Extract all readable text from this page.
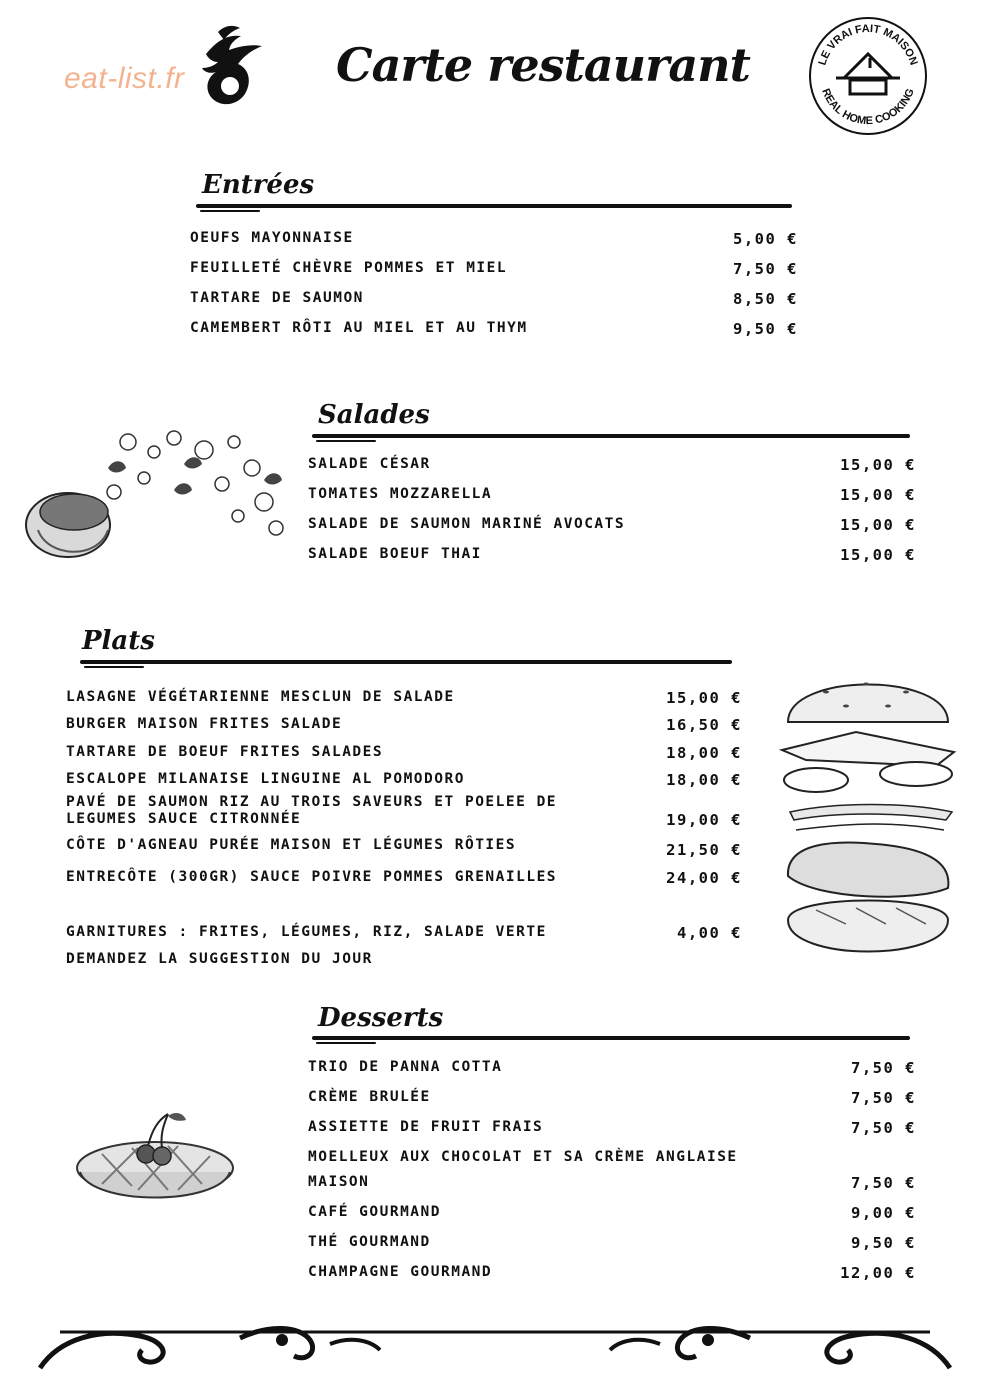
eat-list.fr	Carte restaurant	LE VRAI FAIT MAISON
REAL HOME COOKING
Entrées
OEUFS MAYONNAISE	5,00 €
FEUILLETÉ CHÈVRE POMMES ET MIEL	7,50 €
TARTARE DE SAUMON	8,50 €
CAMEMBERT RÔTI AU MIEL ET AU THYM	9,50 €
Salades
SALADE CÉSAR	15,00 €
TOMATES MOZZARELLA	15,00 €
SALADE DE SAUMON MARINÉ AVOCATS	15,00 €
SALADE BOEUF THAI	15,00 €
Plats
LASAGNE VÉGÉTARIENNE MESCLUN DE SALADE	15,00 €
BURGER MAISON FRITES SALADE	16,50 €
TARTARE DE BOEUF FRITES SALADES	18,00 €
ESCALOPE MILANAISE LINGUINE AL POMODORO	18,00 €
PAVÉ DE SAUMON RIZ AU TROIS SAVEURS ET POELEE DE
LEGUMES SAUCE CITRONNÉE	19,00 €
CÔTE D'AGNEAU PURÉE MAISON ET LÉGUMES RÔTIES	21,50 €
ENTRECÔTE (300GR) SAUCE POIVRE POMMES GRENAILLES	24,00 €
GARNITURES : FRITES, LÉGUMES, RIZ, SALADE VERTE	4,00 €
DEMANDEZ LA SUGGESTION DU JOUR
Desserts
TRIO DE PANNA COTTA	7,50 €
CRÈME BRULÉE	7,50 €
ASSIETTE DE FRUIT FRAIS	7,50 €
MOELLEUX AUX CHOCOLAT ET SA CRÈME ANGLAISE
MAISON	7,50 €
CAFÉ GOURMAND	9,00 €
THÉ GOURMAND	9,50 €
CHAMPAGNE GOURMAND	12,00 €
